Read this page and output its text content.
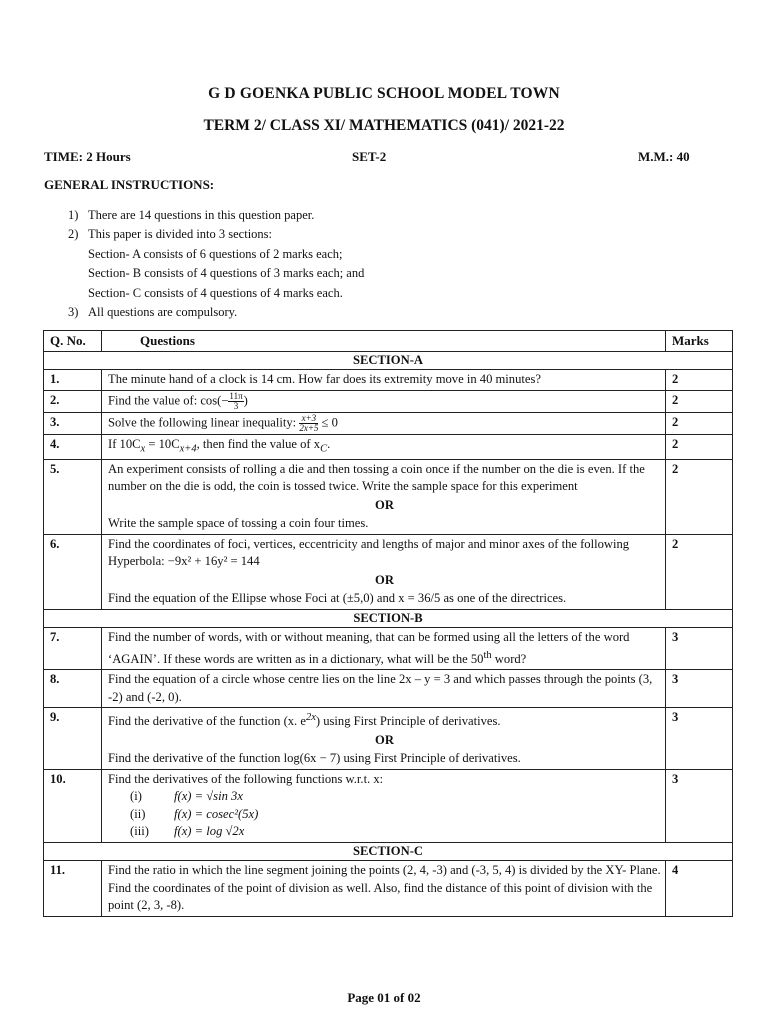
G D GOENKA PUBLIC SCHOOL MODEL TOWN
TERM 2/ CLASS XI/ MATHEMATICS (041)/ 2021-22
TIME: 2 Hours	SET-2	M.M.: 40
GENERAL INSTRUCTIONS:
1) There are 14 questions in this question paper.
2) This paper is divided into 3 sections:
Section- A consists of 6 questions of 2 marks each;
Section- B consists of 4 questions of 3 marks each; and
Section- C consists of 4 questions of 4 marks each.
3) All questions are compulsory.
Q. No.	Questions	Marks
SECTION-A		
1.	The minute hand of a clock is 14 cm. How far does its extremity move in 40 minutes?	2
2.	Find the value of: $\cos(- \frac{11\pi}{3}$ )	2
3.	Solve the following linear inequality: $\frac{x+3}{2x+5} \le 0$	2
4.	If $10C_x = 10C_{x+4}$, then find the value of $x_C$.	2
5.	An experiment consists of rolling a die and then tossing a coin once if the number on the die is even. If the number on the die is odd, the coin is tossed twice. Write the sample space for this experiment
OR
Write the sample space of tossing a coin four times.	2
6.	Find the coordinates of foci, vertices, eccentricity and lengths of major and minor axes of the following Hyperbola: −9x² + 16y² = 144
OR
Find the equation of the Ellipse whose Foci at (±5,0) and x = 36/5 as one of the directrices.	2
SECTION-B		
7.	Find the number of words, with or without meaning, that can be formed using all the letters of the word ‘AGAIN’. If these words are written as in a dictionary, what will be the 50th word?	3
8.	Find the equation of a circle whose centre lies on the line 2x – y = 3 and which passes through the points (3, -2) and (-2, 0).	3
9.	Find the derivative of the function (x. $e^{2x}$) using First Principle of derivatives.
OR
Find the derivative of the function log(6x − 7) using First Principle of derivatives.	3
10.	Find the derivatives of the following functions w.r.t. x:
(i) f(x) = √sin 3x
(ii) f(x) = cosec²(5x)
(iii) f(x) = log √2x	3
SECTION-C		
11.	Find the ratio in which the line segment joining the points (2, 4, -3) and (-3, 5, 4) is divided by the XY- Plane. Find the coordinates of the point of division as well. Also, find the distance of this point of division with the point (2, 3, -8).	4
Page 01 of 02
